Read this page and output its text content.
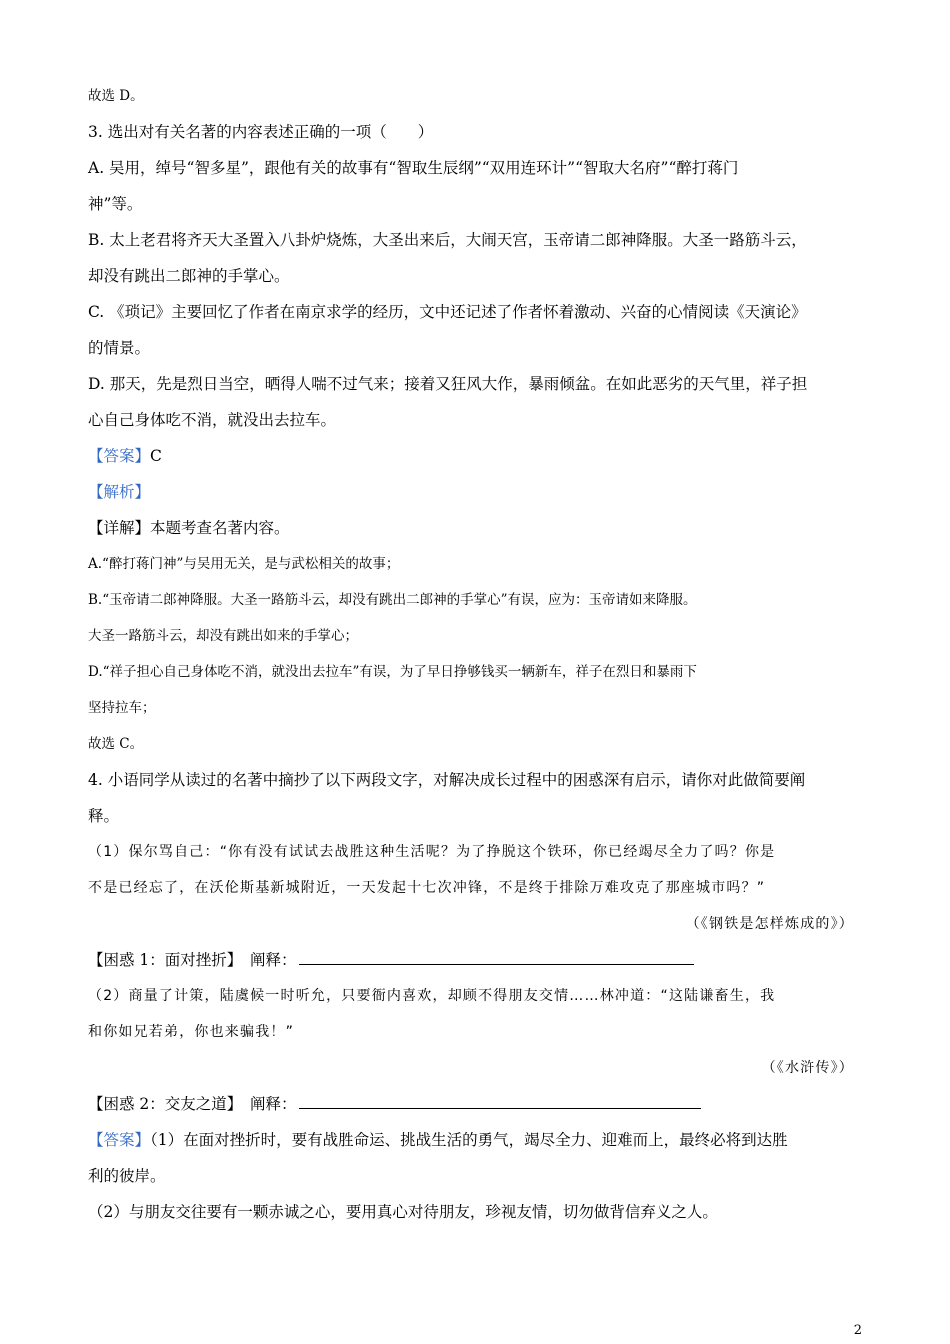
故选 D。
3. 选出对有关名著的内容表述正确的一项（　　）
A. 吴用，绰号“智多星”，跟他有关的故事有“智取生辰纲”“双用连环计”“智取大名府”“醉打蒋门
神”等。
B. 太上老君将齐天大圣置入八卦炉烧炼，大圣出来后，大闹天宫，玉帝请二郎神降服。大圣一路筋斗云，
却没有跳出二郎神的手掌心。
C. 《琐记》主要回忆了作者在南京求学的经历，文中还记述了作者怀着激动、兴奋的心情阅读《天演论》
的情景。
D. 那天，先是烈日当空，晒得人喘不过气来；接着又狂风大作，暴雨倾盆。在如此恶劣的天气里，祥子担
心自己身体吃不消，就没出去拉车。
【答案】C
【解析】
【详解】本题考查名著内容。
A.“醉打蒋门神”与吴用无关，是与武松相关的故事；
B.“玉帝请二郎神降服。大圣一路筋斗云，却没有跳出二郎神的手掌心”有误，应为：玉帝请如来降服。
大圣一路筋斗云，却没有跳出如来的手掌心；
D.“祥子担心自己身体吃不消，就没出去拉车”有误，为了早日挣够钱买一辆新车，祥子在烈日和暴雨下
坚持拉车；
故选 C。
4. 小语同学从读过的名著中摘抄了以下两段文字，对解决成长过程中的困惑深有启示，请你对此做简要阐
释。
（1）保尔骂自己：“你有没有试试去战胜这种生活呢？为了挣脱这个铁环，你已经竭尽全力了吗？你是
不是已经忘了，在沃伦斯基新城附近，一天发起十七次冲锋，不是终于排除万难攻克了那座城市吗？”
（《钢铁是怎样炼成的》）
【困惑 1：面对挫折】　阐释：
（2）商量了计策，陆虞候一时听允，只要衙内喜欢，却顾不得朋友交情……林冲道：“这陆谦畜生，我
和你如兄若弟，你也来骗我！”
（《水浒传》）
【困惑 2：交友之道】　阐释：
【答案】（1）在面对挫折时，要有战胜命运、挑战生活的勇气，竭尽全力、迎难而上，最终必将到达胜
利的彼岸。
（2）与朋友交往要有一颗赤诚之心，要用真心对待朋友，珍视友情，切勿做背信弃义之人。
2
